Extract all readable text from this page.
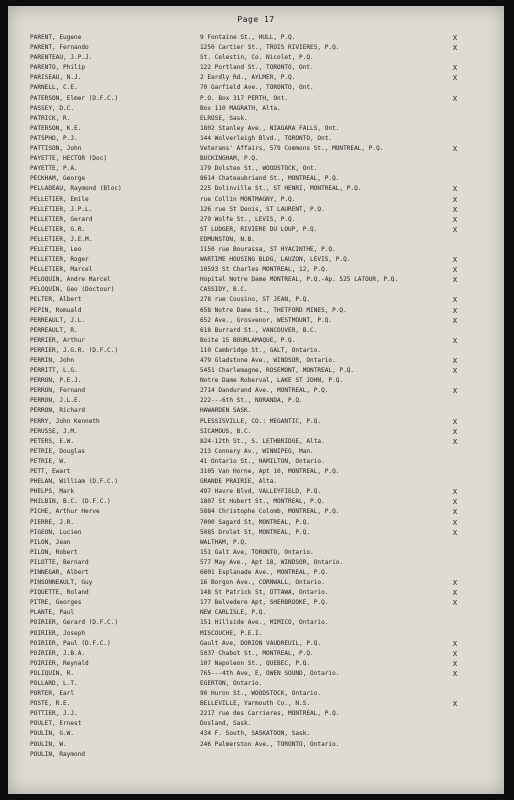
Page 17
PARENT, Eugene	9 Fontaine St., HULL, P.Q.	X
PARENT, Fernando	1250 Cartier St., TROIS RIVIERES, P.Q.	X
PARENTEAU, J.P.J.	St. Celestin, Co. Nicolet, P.Q.
PARENTO, Philip	122 Portland St., TORONTO, Ont.	X
PARISEAU, N.J.	2 Eardly Rd., AYLMER, P.Q.	X
PARNELL, C.E.	70 Garfield Ave., TORONTO, Ont.
PATERSON, Elmer (D.F.C.)	P.O. Box 317 PERTH, Ont.	X
PASSEY, D.C.	Box 110 MAGRATH, Alta.
PATRICK, R.	ELROSE, Sask.
PATERSON, K.E.	1802 Stanley Ave., NIAGARA FALLS, Ont.
PATSPHO, P.J.	144 Wolverleigh Blvd., TORONTO, Ont.
PATTISON, John	Veterans' Affairs, 579 Commons St., MONTREAL, P.Q.	X
PAYETTE, HECTOR (Doc)	BUCKINGHAM, P.Q.
PAYETTE, P.A.	179 Dolsteo St., WOODSTOCK, Ont.
PECKHAM, George	8614 Chateaubriand St., MONTREAL, P.Q.
PELLADEAU, Raymond (Bloc)	225 Dolinville St., ST HENRI, MONTREAL, P.Q.	X
PELLETIER, Emile	rue Collin MONTMAGNY, P.Q.	X
PELLETIER, J.P.L.	126 rue St Denis, ST LAURENT, P.Q.	X
PELLETIER, Gerard	279 Wolfe St., LEVIS, P.Q.	X
PELLETIER, G.R.	ST LUDGER, RIVIERE DU LOUP, P.Q.	X
PELLETIER, J.E.M.	EDMUNSTON, N.B.
PELLETIER, Leo	1150 rue Bourassa, ST HYACINTHE, P.Q.
PELLETIER, Roger	WARTIME HOUSING BLDG, LAUZON, LEVIS, P.Q.	X
PELLETIER, Marcel	10593 St Charles MONTREAL, 12, P.Q.	X
PELOQUIN, Andre Marcel	Hopital Notre Dame MONTREAL, P.Q.-Ap. 525 LATOUR, P.Q.	X
PELOQUIN, Geo (Doctour)	CASSIDY, B.C.
PELTER, Albert	278 rue Cousino, ST JEAN, P.Q.	X
PEPIN, Romuald	658 Notre Dame St., THETFORD MINES, P.Q.	X
PERREAULT, J.L.	652 Ave., Grosvenor, WESTMOUNT, P.Q.	X
PERREAULT, R.	618 Burrard St., VANCOUVER, B.C.
PERRIER, Arthur	Boite 15 BOURLAMAQUE, P.Q.	X
PERRIER, J.G.R. (D.F.C.)	110 Cambridge St., GALT, Ontario.
PERRIN, John	479 Gladstone Ave., WINDSOR, Ontario.	X
PERRITT, L.G.	5451 Charlemagne, ROSEMONT, MONTREAL, P.Q.	X
PERRON, P.E.J.	Notre Dame Roberval, LAKE ST JOHN, P.Q.
PERRON, Fernand	2714 Dandurand Ave., MONTREAL, P.Q.	X
PERRON, J.L.E.	222---6th St., NORANDA, P.Q.
PERRON, Richard	HAWARDEN SASK.
PERRY, John Kenneth	PLESSISVILLE, CO.: MEGANTIC, P.Q.	X
PERUSSE, J.M.	SICAMOUS, B.C.	X
PETERS, E.W.	824-12th St., S. LETHBRIDGE, Alta.	X
PETRIE, Douglas	213 Connery Av., WINNIPEG, Man.
PETRIE, W.	41 Ontario St., HAMILTON, Ontario.
PETT, Ewart	3105 Van Horne, Apt 10, MONTREAL, P.Q.
PHELAN, William (D.F.C.)	GRANDE PRAIRIE, Alta.
PHELPS, Mark	497 Havre Blvd, VALLEYFIELD, P.Q.	X
PHILBIN, B.C. (D.F.C.)	1807 St Hubert St., MONTREAL, P.Q.	X
PICHE, Arthur Herve	5884 Christophe Colomb, MONTREAL, P.Q.	X
PIERRE, J.R.	7000 Sagard St, MONTREAL, P.Q.	X
PIGEON, Lucien	5085 Drolet St, MONTREAL, P.Q.	X
PILON, Jean	WALTHAM, P.Q.
PILON, Robert	151 Galt Ave, TORONTO, Ontario.
PILOTTE, Bernard	577 May Ave., Apt 18, WINDSOR, Ontario.
PINNEGAR, Albert	6801 Esplanade Ave., MONTREAL, P.Q.
PINSONNEAULT, Guy	16 Borgon Ave., CORNWALL, Ontario.	X
PIQUETTE, Roland	148 St Patrick St, OTTAWA, Ontario.	X
PITRE, Georges	177 Belvedere Apt, SHERBROOKE, P.Q.	X
PLANTE, Paul	NEW CARLISLE, P.Q.
POIRIER, Gerard (D.F.C.)	151 Hillside Ave., MIMICO, Ontario.
POIRIER, Joseph	MISCOUCHE, P.E.I.
POIRIER, Paul (D.F.C.)	Gault Ave, DORION VAUDREUIL, P.Q.	X
POIRIER, J.B.A.	5037 Chabot St., MONTREAL, P.Q.	X
POIRIER, Reynald	107 Napoleon St., QUEBEC, P.Q.	X
POLIQUIN, R.	765---4th Ave, E, OWEN SOUND, Ontario.	X
POLLARD, L.T.	EGERTON, Ontario.
PORTER, Earl	90 Huron St., WOODSTOCK, Ontario.
POSTE, R.E.	BELLEVILLE, Yarmouth Co., N.S.	X
POTTIER, J.J.	2217 rue des Carrieres, MONTREAL, P.Q.
POULET, Ernest	Dosland, Sask.
POULIN, G.W.	434 F. South, SASKATOON, Sask.
POULIN, W.	246 Palmerston Ave., TORONTO, Ontario.
POULIN, Raymond
